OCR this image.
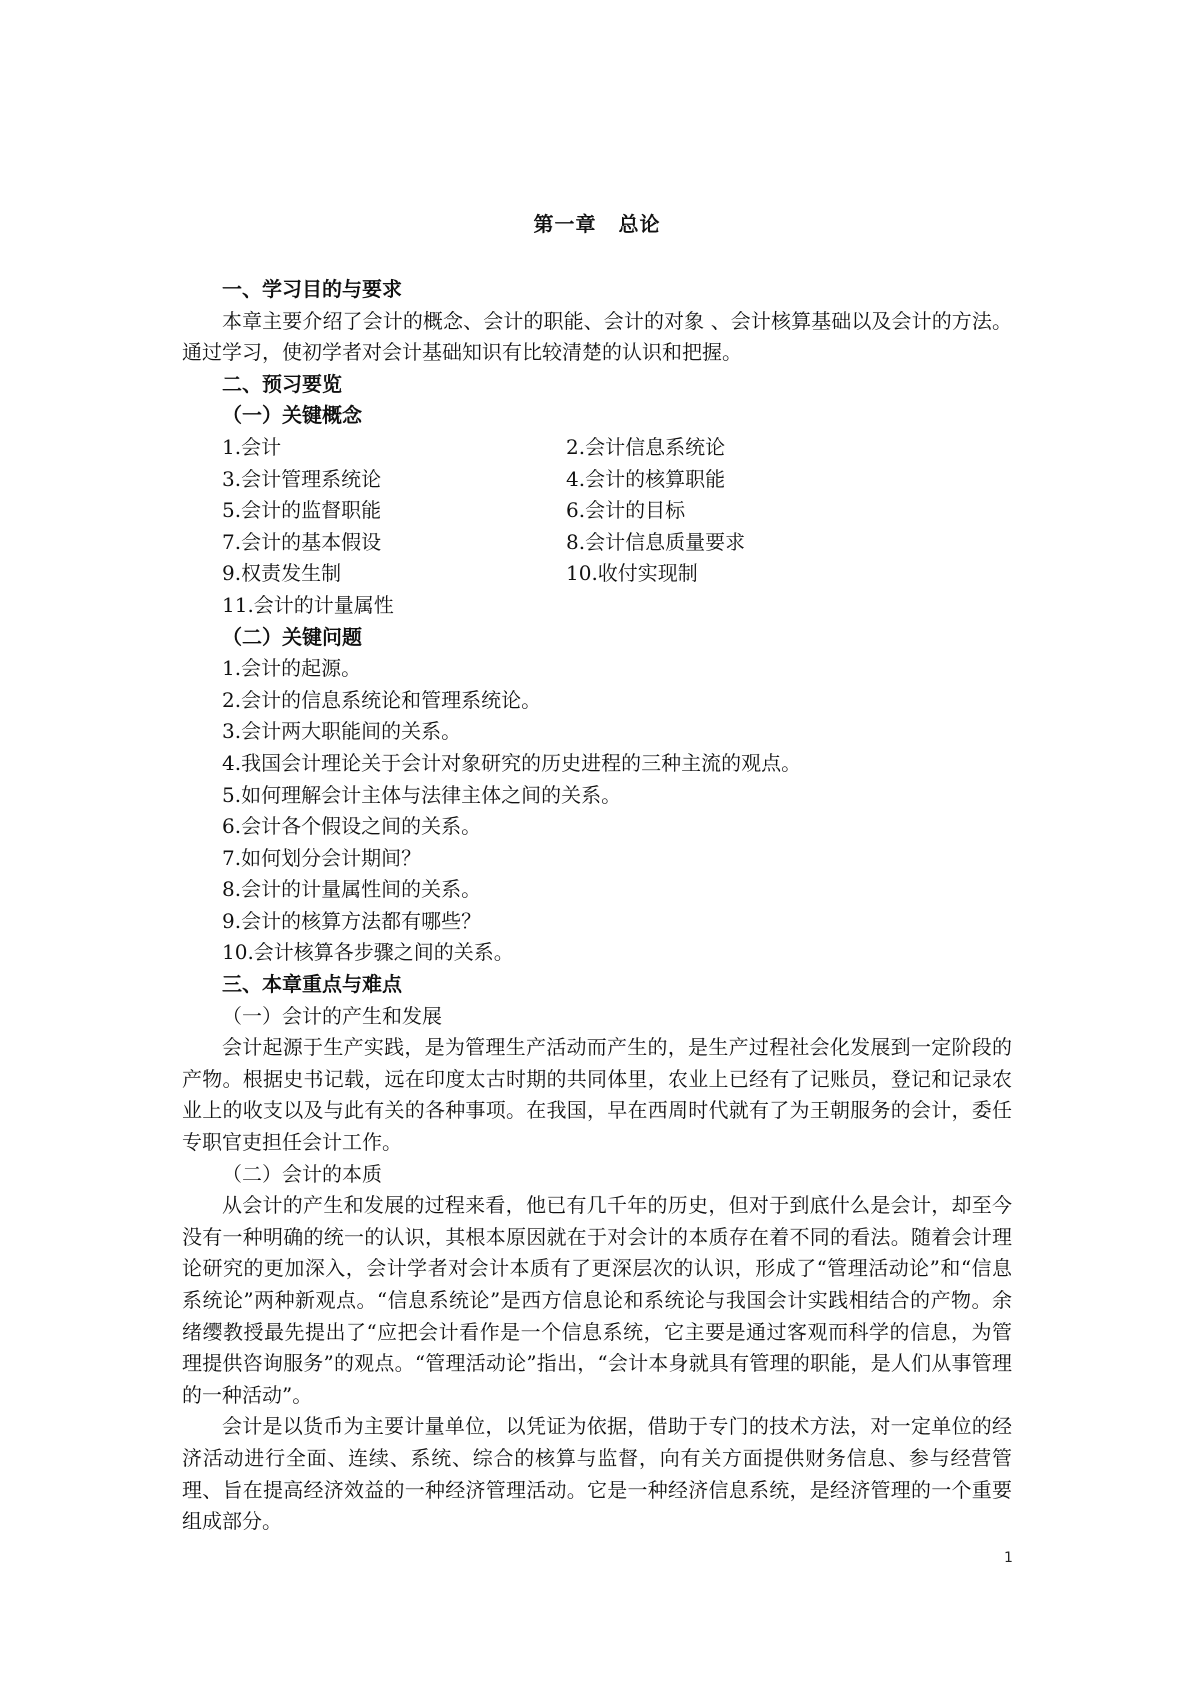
第一章 总论
一、学习目的与要求

本章主要介绍了会计的概念、会计的职能、会计的对象 、会计核算基础以及会计的方法。通过学习，使初学者对会计基础知识有比较清楚的认识和把握。

二、预习要览
（一）关键概念
1.会计	2.会计信息系统论
3.会计管理系统论	4.会计的核算职能
5.会计的监督职能	6.会计的目标
7.会计的基本假设	8.会计信息质量要求
9.权责发生制	10.收付实现制
11.会计的计量属性
（二）关键问题
1.会计的起源。
2.会计的信息系统论和管理系统论。
3.会计两大职能间的关系。
4.我国会计理论关于会计对象研究的历史进程的三种主流的观点。
5.如何理解会计主体与法律主体之间的关系。
6.会计各个假设之间的关系。
7.如何划分会计期间？
8.会计的计量属性间的关系。
9.会计的核算方法都有哪些？
10.会计核算各步骤之间的关系。
三、本章重点与难点
（一）会计的产生和发展

会计起源于生产实践，是为管理生产活动而产生的，是生产过程社会化发展到一定阶段的产物。根据史书记载，远在印度太古时期的共同体里，农业上已经有了记账员，登记和记录农业上的收支以及与此有关的各种事项。在我国，早在西周时代就有了为王朝服务的会计，委任专职官吏担任会计工作。

（二）会计的本质

从会计的产生和发展的过程来看，他已有几千年的历史，但对于到底什么是会计，却至今没有一种明确的统一的认识，其根本原因就在于对会计的本质存在着不同的看法。随着会计理论研究的更加深入，会计学者对会计本质有了更深层次的认识，形成了“管理活动论”和“信息系统论”两种新观点。“信息系统论”是西方信息论和系统论与我国会计实践相结合的产物。余绪缨教授最先提出了“应把会计看作是一个信息系统，它主要是通过客观而科学的信息，为管理提供咨询服务”的观点。“管理活动论”指出，“会计本身就具有管理的职能，是人们从事管理的一种活动”。

会计是以货币为主要计量单位，以凭证为依据，借助于专门的技术方法，对一定单位的经济活动进行全面、连续、系统、综合的核算与监督，向有关方面提供财务信息、参与经营管理、旨在提高经济效益的一种经济管理活动。它是一种经济信息系统，是经济管理的一个重要组成部分。

1
